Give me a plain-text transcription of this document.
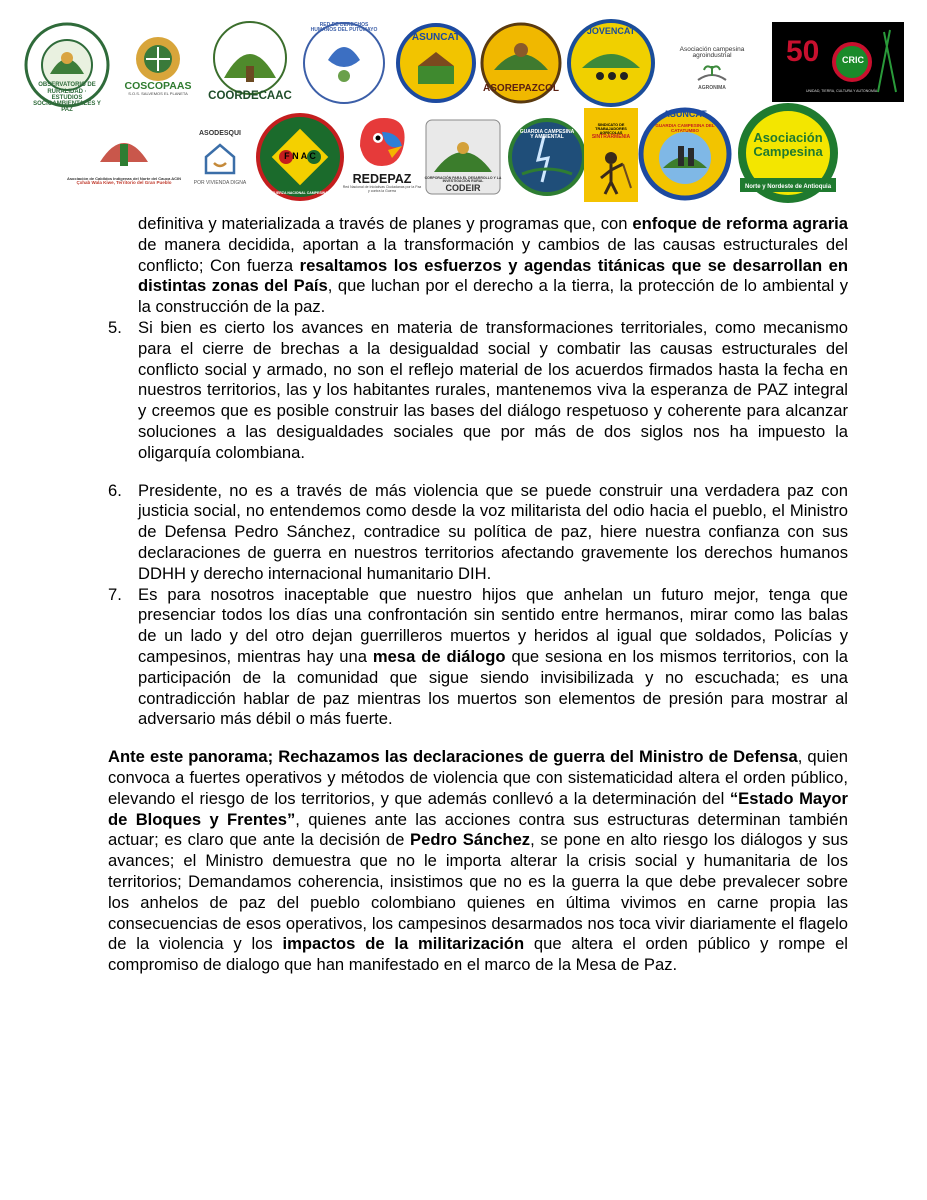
OBSERVATORIO DE RURALIDAD · ESTUDIOS SOCIOAMBIENTALES Y PAZ
COSCOPAAS
S.O.S. SALVEMOS EL PLANETA COORDECAAC
RED DE DERECHOS HUMANOS DEL PUTUMAYO
ASUNCAT
ASOREPAZCOL
JOVENCAT
Asociación campesina agroindustrial
AGRONIMA
50	CRIC
UNIDAD, TIERRA, CULTURA Y AUTONOMÍA
Asociación de Cabildos Indígenas del Norte del Cauca ACIN
Çxhab Wala Kiwe, Territorio del Gran Pueblo
ASODESQUI
POR VIVIENDA DIGNA
F N A C
FUERZA NACIONAL CAMPESINA
REDEPAZ
Red Nacional de Iniciativas Ciudadanas por la Paz y contra la Guerra
CORPORACIÓN PARA EL DESARROLLO Y LA INVESTIGACIÓN RURAL
CODEIR
GUARDIA CAMPESINA Y AMBIENTAL
SINDICATO DE TRABAJADORES AGRÍCOLAS
SINTRARMENIA
ASUNCAT
GUARDIA CAMPESINA DEL CATATUMBO
Asociación Campesina
Norte y Nordeste de Antioquia

definitiva y materializada a través de planes y programas que, con enfoque de reforma agraria de manera decidida, aportan a la transformación y cambios de las causas estructurales del conflicto; Con fuerza resaltamos los esfuerzos y agendas titánicas que se desarrollan en distintas zonas del País, que luchan por el derecho a la tierra, la protección de lo ambiental y la construcción de la paz.

5. Si bien es cierto los avances en materia de transformaciones territoriales, como mecanismo para el cierre de brechas a la desigualdad social y combatir las causas estructurales del conflicto social y armado, no son el reflejo material de los acuerdos firmados hasta la fecha en nuestros territorios, las y los habitantes rurales, mantenemos viva la esperanza de PAZ integral y creemos que es posible construir las bases del diálogo respetuoso y coherente para alcanzar soluciones a las desigualdades sociales que por más de dos siglos nos ha impuesto la oligarquía colombiana.
6. Presidente, no es a través de más violencia que se puede construir una verdadera paz con justicia social, no entendemos como desde la voz militarista del odio hacia el pueblo, el Ministro de Defensa Pedro Sánchez, contradice su política de paz, hiere nuestra confianza con sus declaraciones de guerra en nuestros territorios afectando gravemente los derechos humanos DDHH y derecho internacional humanitario DIH.
7. Es para nosotros inaceptable que nuestro hijos que anhelan un futuro mejor, tenga que presenciar todos los días una confrontación sin sentido entre hermanos, mirar como las balas de un lado y del otro dejan guerrilleros muertos y heridos al igual que soldados, Policías y campesinos, mientras hay una mesa de diálogo que sesiona en los mismos territorios, con la participación de la comunidad que sigue siendo invisibilizada y no escuchada; es una contradicción hablar de paz mientras los muertos son elementos de presión para mostrar al adversario más débil o más fuerte.

Ante este panorama; Rechazamos las declaraciones de guerra del Ministro de Defensa, quien convoca a fuertes operativos y métodos de violencia que con sistematicidad altera el orden público, elevando el riesgo de los territorios, y que además conllevó a la determinación del “Estado Mayor de Bloques y Frentes”, quienes ante las acciones contra sus estructuras determinan también actuar; es claro que ante la decisión de Pedro Sánchez, se pone en alto riesgo los diálogos y sus avances; el Ministro demuestra que no le importa alterar la crisis social y humanitaria de los territorios; Demandamos coherencia, insistimos que no es la guerra la que debe prevalecer sobre los anhelos de paz del pueblo colombiano quienes en última vivimos en carne propia las consecuencias de esos operativos, los campesinos desarmados nos toca vivir diariamente el flagelo de la violencia y los impactos de la militarización que altera el orden público y rompe el compromiso de dialogo que han manifestado en el marco de la Mesa de Paz.
